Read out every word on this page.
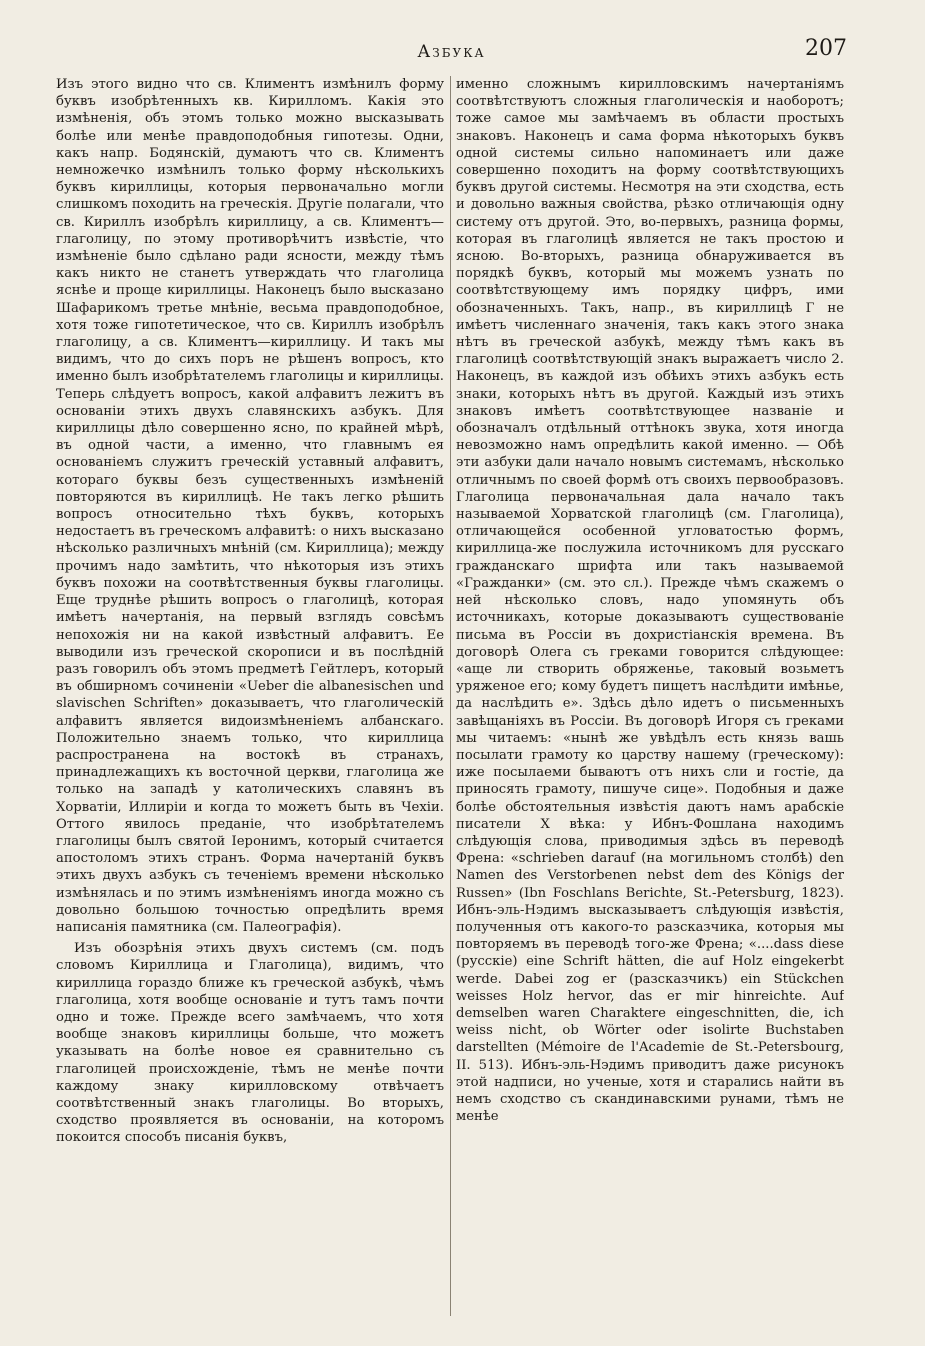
Азбука	207

Изъ этого видно что св. Климентъ измѣнилъ форму буквъ изобрѣтенныхъ кв. Кирилломъ. Какія это измѣненія, объ этомъ только можно высказывать болѣе или менѣе правдоподобныя гипотезы. Одни, какъ напр. Бодянскій, думаютъ что св. Климентъ немножечко измѣнилъ только форму нѣсколькихъ буквъ кириллицы, которыя первоначально могли слишкомъ походить на греческія. Другіе полагали, что св. Кириллъ изобрѣлъ кириллицу, а св. Климентъ—глаголицу, по этому противорѣчитъ извѣстіе, что измѣненіе было сдѣлано ради ясности, между тѣмъ какъ никто не станетъ утверждать что глаголица яснѣе и проще кириллицы. Наконецъ было высказано Шафарикомъ третье мнѣніе, весьма правдоподобное, хотя тоже гипотетическое, что св. Кириллъ изобрѣлъ глаголицу, а св. Климентъ—кириллицу. И такъ мы видимъ, что до сихъ поръ не рѣшенъ вопросъ, кто именно былъ изобрѣтателемъ глаголицы и кириллицы. Теперь слѣдуетъ вопросъ, какой алфавитъ лежитъ въ основаніи этихъ двухъ славянскихъ азбукъ. Для кириллицы дѣло совершенно ясно, по крайней мѣрѣ, въ одной части, а именно, что главнымъ ея основаніемъ служитъ греческій уставный алфавитъ, котораго буквы безъ существенныхъ измѣненій повторяются въ кириллицѣ. Не такъ легко рѣшить вопросъ относительно тѣхъ буквъ, которыхъ недостаетъ въ греческомъ алфавитѣ: о нихъ высказано нѣсколько различныхъ мнѣній (см. Кириллица); между прочимъ надо замѣтить, что нѣкоторыя изъ этихъ буквъ похожи на соотвѣтственныя буквы глаголицы. Еще труднѣе рѣшить вопросъ о глаголицѣ, которая имѣетъ начертанія, на первый взглядъ совсѣмъ непохожія ни на какой извѣстный алфавитъ. Ее выводили изъ греческой скорописи и въ послѣдній разъ говорилъ объ этомъ предметѣ Гейтлеръ, который въ обширномъ сочиненіи «Ueber die albanesischen und slavischen Schriften» доказываетъ, что глаголическій алфавитъ является видоизмѣненіемъ албанскаго. Положительно знаемъ только, что кириллица распространена на востокѣ въ странахъ, принадлежащихъ къ восточной церкви, глаголица же только на западѣ у католическихъ славянъ въ Хорватіи, Иллиріи и когда то можетъ быть въ Чехіи. Оттого явилось преданіе, что изобрѣтателемъ глаголицы былъ святой Іеронимъ, который считается апостоломъ этихъ странъ. Форма начертаній буквъ этихъ двухъ азбукъ съ теченіемъ времени нѣсколько измѣнялась и по этимъ измѣненіямъ иногда можно съ довольно большою точностью опредѣлить время написанія памятника (см. Палеографія).

Изъ обозрѣнія этихъ двухъ системъ (см. подъ словомъ Кириллица и Глаголица), видимъ, что кириллица гораздо ближе къ греческой азбукѣ, чѣмъ глаголица, хотя вообще основаніе и тутъ тамъ почти одно и тоже. Прежде всего замѣчаемъ, что хотя вообще знаковъ кириллицы больше, что можетъ указывать на болѣе новое ея сравнительно съ глаголицей происхожденіе, тѣмъ не менѣе почти каждому знаку кирилловскому отвѣчаетъ соотвѣтственный знакъ глаголицы. Во вторыхъ, сходство проявляется въ основаніи, на которомъ покоится способъ писанія буквъ,

именно сложнымъ кирилловскимъ начертаніямъ соотвѣтствуютъ сложныя глаголическія и наоборотъ; тоже самое мы замѣчаемъ въ области простыхъ знаковъ. Наконецъ и сама форма нѣкоторыхъ буквъ одной системы сильно напоминаетъ или даже совершенно походитъ на форму соотвѣтствующихъ буквъ другой системы. Несмотря на эти сходства, есть и довольно важныя свойства, рѣзко отличающія одну систему отъ другой. Это, во-первыхъ, разница формы, которая въ глаголицѣ является не такъ простою и ясною. Во-вторыхъ, разница обнаруживается въ порядкѣ буквъ, который мы можемъ узнать по соотвѣтствующему имъ порядку цифръ, ими обозначенныхъ. Такъ, напр., въ кириллицѣ Г не имѣетъ численнаго значенія, такъ какъ этого знака нѣтъ въ греческой азбукѣ, между тѣмъ какъ въ глаголицѣ соотвѣтствующій знакъ выражаетъ число 2. Наконецъ, въ каждой изъ обѣихъ этихъ азбукъ есть знаки, которыхъ нѣтъ въ другой. Каждый изъ этихъ знаковъ имѣетъ соотвѣтствующее названіе и обозначалъ отдѣльный оттѣнокъ звука, хотя иногда невозможно намъ опредѣлить какой именно. — Обѣ эти азбуки дали начало новымъ системамъ, нѣсколько отличнымъ по своей формѣ отъ своихъ первообразовъ. Глаголица первоначальная дала начало такъ называемой Хорватской глаголицѣ (см. Глаголица), отличающейся особенной угловатостью формъ, кириллица-же послужила источникомъ для русскаго гражданскаго шрифта или такъ называемой «Гражданки» (см. это сл.). Прежде чѣмъ скажемъ о ней нѣсколько словъ, надо упомянуть объ источникахъ, которые доказываютъ существованіе письма въ Россіи въ дохристіанскія времена. Въ договорѣ Олега съ греками говорится слѣдующее: «аще ли створить обряженье, таковый возьметъ уряженое его; кому будетъ пищетъ наслѣдити имѣнье, да наслѣдить е». Здѣсь дѣло идетъ о письменныхъ завѣщаніяхъ въ Россіи. Въ договорѣ Игоря съ греками мы читаемъ: «нынѣ же увѣдѣлъ есть князь вашь посылати грамоту ко царству нашему (греческому): иже посылаеми бываютъ отъ нихъ сли и гостіе, да приносять грамоту, пишуче сице». Подобныя и даже болѣе обстоятельныя извѣстія даютъ намъ арабскіе писатели X вѣка: у Ибнъ-Фошлана находимъ слѣдующія слова, приводимыя здѣсь въ переводѣ Френа: «schrieben darauf (на могильномъ столбѣ) den Namen des Verstorbenen nebst dem des Königs der Russen» (Ibn Foschlans Berichte, St.-Petersburg, 1823). Ибнъ-эль-Нэдимъ высказываетъ слѣдующія извѣстія, полученныя отъ какого-то разсказчика, которыя мы повторяемъ въ переводѣ того-же Френа; «....dass diese (русскіе) eine Schrift hätten, die auf Holz eingekerbt werde. Dabei zog er (разсказчикъ) ein Stückchen weisses Holz hervor, das er mir hinreichte. Auf demselben waren Charaktere eingeschnitten, die, ich weiss nicht, ob Wörter oder isolirte Buchstaben darstellten (Mémoire de l'Academie de St.-Petersbourg, II. 513). Ибнъ-эль-Нэдимъ приводитъ даже рисунокъ этой надписи, но ученые, хотя и старались найти въ немъ сходство съ скандинавскими рунами, тѣмъ не менѣе
